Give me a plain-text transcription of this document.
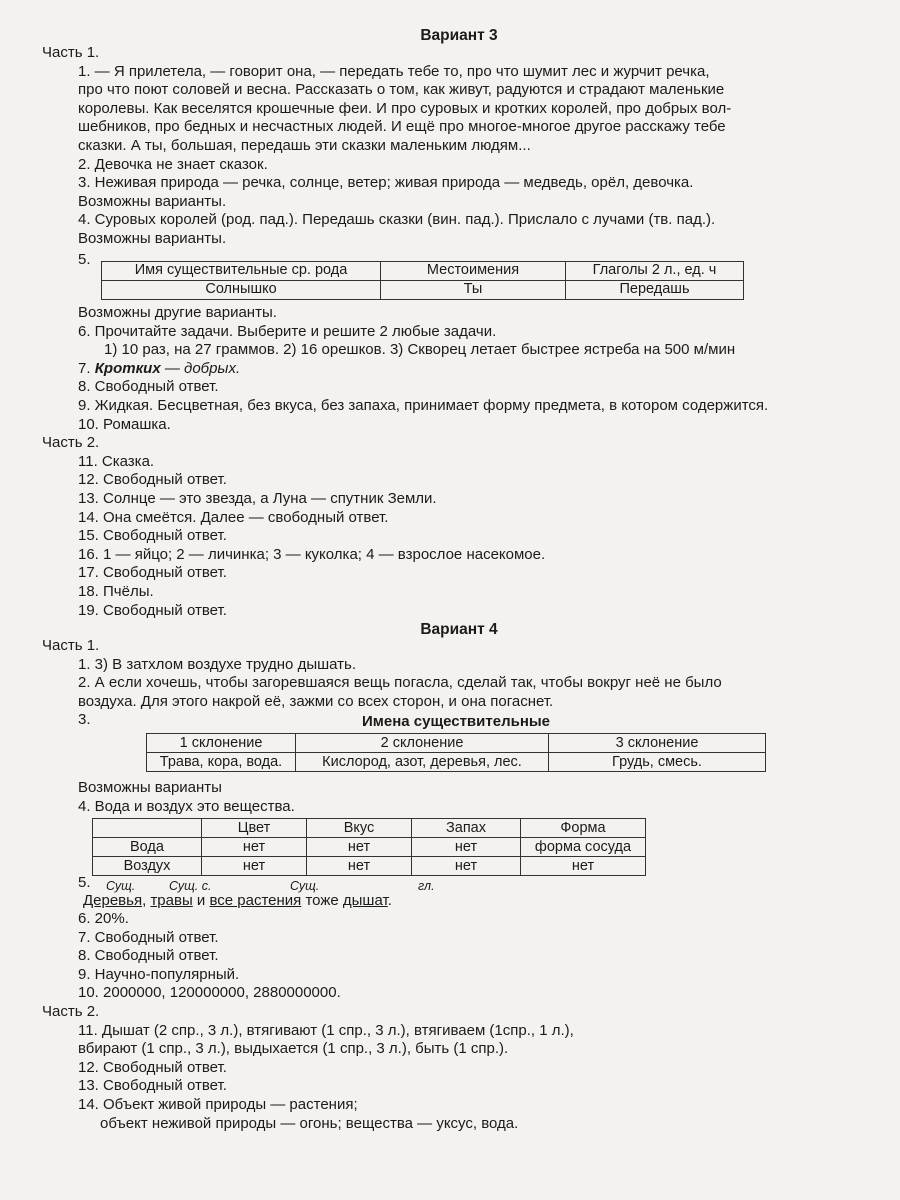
Вариант 3
Часть 1.
1. — Я прилетела, — говорит она, — передать тебе то, про что шумит лес и журчит речка,
про что поют соловей и весна. Рассказать о том, как живут, радуются и страдают маленькие
королевы. Как веселятся крошечные феи. И про суровых и кротких королей, про добрых вол-
шебников, про бедных и несчастных людей. И ещё про многое-многое другое расскажу тебе
сказки. А ты, большая, передашь эти сказки маленьким людям...
2. Девочка не знает сказок.
3. Неживая природа — речка, солнце, ветер; живая природа — медведь, орёл, девочка.
Возможны варианты.
4. Суровых королей (род. пад.). Передашь сказки (вин. пад.). Прислало с лучами (тв. пад.).
Возможны варианты.
5.
Имя существительные ср. рода	Местоимения	Глаголы 2 л., ед. ч
Солнышко	Ты	Передашь
Возможны другие варианты.
6. Прочитайте задачи. Выберите и решите 2 любые задачи.
1) 10 раз, на 27 граммов. 2) 16 орешков. 3) Скворец летает быстрее ястреба на 500 м/мин
7. Кротких — добрых.
8. Свободный ответ.
9. Жидкая. Бесцветная, без вкуса, без запаха, принимает форму предмета, в котором содержится.
10. Ромашка.
Часть 2.
11. Сказка.
12. Свободный ответ.
13. Солнце — это звезда, а Луна — спутник Земли.
14. Она смеётся. Далее — свободный ответ.
15. Свободный ответ.
16. 1 — яйцо; 2 — личинка; 3 — куколка; 4 — взрослое насекомое.
17. Свободный ответ.
18. Пчёлы.
19. Свободный ответ.
Вариант 4
Часть 1.
1. 3) В затхлом воздухе трудно дышать.
2. А если хочешь, чтобы загоревшаяся вещь погасла, сделай так, чтобы вокруг неё не было
воздуха. Для этого накрой её, зажми со всех сторон, и она погаснет.
3.	Имена существительные
1 склонение	2 склонение	3 склонение
Трава, кора, вода.	Кислород, азот, деревья, лес.	Грудь, смесь.
Возможны варианты
4. Вода и воздух это вещества.
	Цвет	Вкус	Запах	Форма
Вода	нет	нет	нет	форма сосуда
Воздух	нет	нет	нет	нет
5. Сущ.	Сущ. с.	Сущ.	гл.
Деревья, травы и все растения тоже дышат.
6. 20%.
7. Свободный ответ.
8. Свободный ответ.
9. Научно-популярный.
10. 2000000, 120000000, 2880000000.
Часть 2.
11. Дышат (2 спр., 3 л.), втягивают (1 спр., 3 л.), втягиваем (1спр., 1 л.),
вбирают (1 спр., 3 л.), выдыхается (1 спр., 3 л.), быть (1 спр.).
12. Свободный ответ.
13. Свободный ответ.
14. Объект живой природы — растения;
объект неживой природы — огонь; вещества — уксус, вода.
